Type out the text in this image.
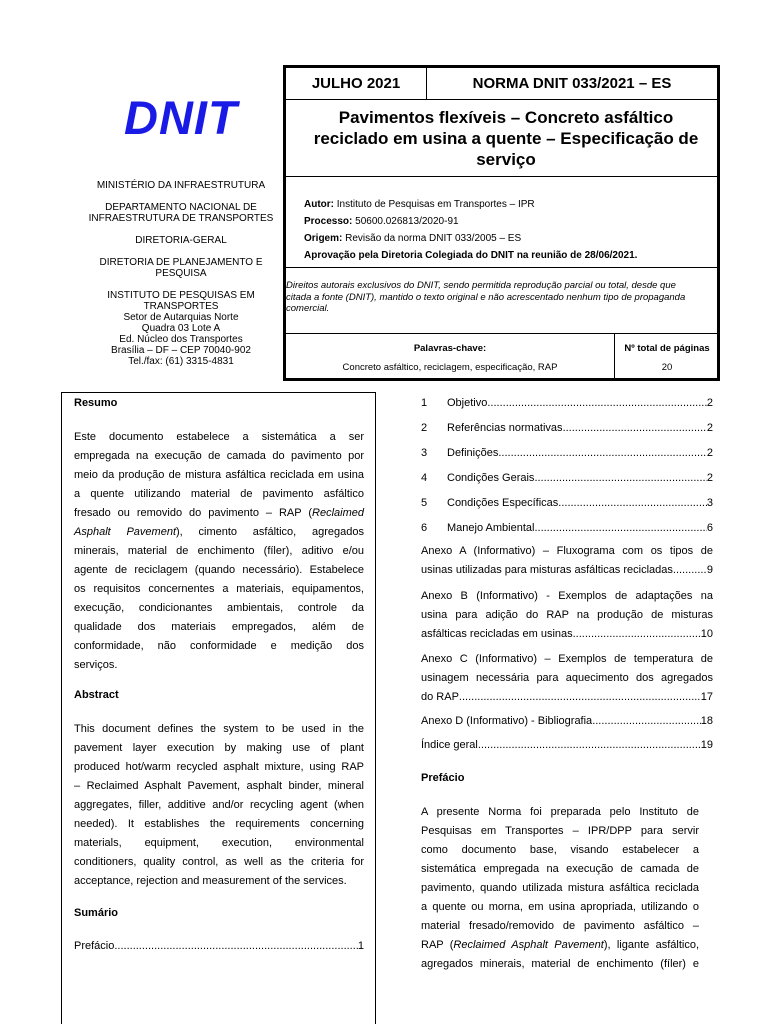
DNIT
MINISTÉRIO DA INFRAESTRUTURA
DEPARTAMENTO NACIONAL DE
INFRAESTRUTURA DE TRANSPORTES
DIRETORIA-GERAL
DIRETORIA DE PLANEJAMENTO E
PESQUISA
INSTITUTO DE PESQUISAS EM
TRANSPORTES
Setor de Autarquias Norte
Quadra 03 Lote A
Ed. Núcleo dos Transportes
Brasília – DF – CEP 70040-902
Tel./fax: (61) 3315-4831
JULHO 2021	NORMA DNIT 033/2021 – ES
Pavimentos flexíveis – Concreto asfáltico
reciclado em usina a quente – Especificação de
serviço
Autor: Instituto de Pesquisas em Transportes – IPR
Processo: 50600.026813/2020-91
Origem: Revisão da norma DNIT 033/2005 – ES
Aprovação pela Diretoria Colegiada do DNIT na reunião de 28/06/2021.
Direitos autorais exclusivos do DNIT, sendo permitida reprodução parcial ou total, desde que
citada a fonte (DNIT), mantido o texto original e não acrescentado nenhum tipo de propaganda
comercial.
Palavras-chave:
Concreto asfáltico, reciclagem, especificação, RAP
Nº total de páginas
20
Resumo
Este documento estabelece a sistemática a ser
empregada na execução de camada do pavimento por
meio da produção de mistura asfáltica reciclada em usina
a quente utilizando material de pavimento asfáltico
fresado ou removido do pavimento – RAP (Reclaimed
Asphalt Pavement), cimento asfáltico, agregados
minerais, material de enchimento (fíler), aditivo e/ou
agente de reciclagem (quando necessário). Estabelece
os requisitos concernentes a materiais, equipamentos,
execução, condicionantes ambientais, controle da
qualidade dos materiais empregados, além de
conformidade, não conformidade e medição dos
serviços.
Abstract
This document defines the system to be used in the
pavement layer execution by making use of plant
produced hot/warm recycled asphalt mixture, using RAP
– Reclaimed Asphalt Pavement, asphalt binder, mineral
aggregates, filler, additive and/or recycling agent (when
needed). It establishes the requirements concerning
materials, equipment, execution, environmental
conditioners, quality control, as well as the criteria for
acceptance, rejection and measurement of the services.
Sumário
Prefácio .....	1
1	Objetivo .....	2
2	Referências normativas .....	2
3	Definições .....	2
4	Condições Gerais .....	2
5	Condições Específicas .....	3
6	Manejo Ambiental .....	6
Anexo A (Informativo) – Fluxograma com os tipos de
usinas utilizadas para misturas asfálticas recicladas .....	9
Anexo B (Informativo) - Exemplos de adaptações na
usina para adição do RAP na produção de misturas
asfálticas recicladas em usinas .....	10
Anexo C (Informativo) – Exemplos de temperatura de
usinagem necessária para aquecimento dos agregados
do RAP .....	17
Anexo D (Informativo) - Bibliografia .....	18
Índice geral .....	19
Prefácio
A presente Norma foi preparada pelo Instituto de
Pesquisas em Transportes – IPR/DPP para servir
como documento base, visando estabelecer a
sistemática empregada na execução de camada de
pavimento, quando utilizada mistura asfáltica reciclada
a quente ou morna, em usina apropriada, utilizando o
material fresado/removido de pavimento asfáltico –
RAP (Reclaimed Asphalt Pavement), ligante asfáltico,
agregados minerais, material de enchimento (fíler) e
